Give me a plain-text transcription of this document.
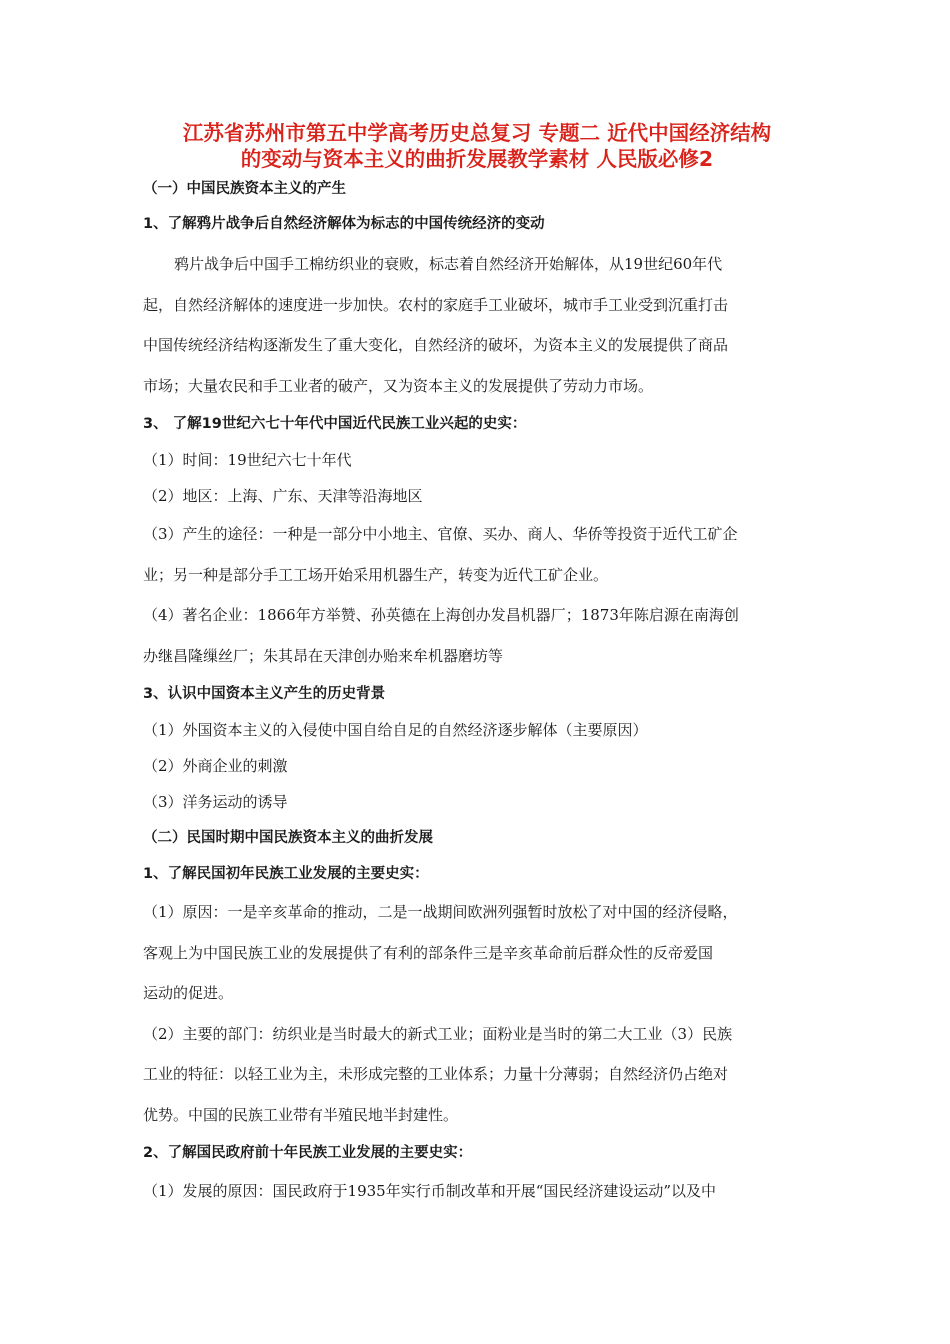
江苏省苏州市第五中学高考历史总复习 专题二 近代中国经济结构
的变动与资本主义的曲折发展教学素材 人民版必修2

（一）中国民族资本主义的产生

1、了解鸦片战争后自然经济解体为标志的中国传统经济的变动

鸦片战争后中国手工棉纺织业的衰败，标志着自然经济开始解体，从19世纪60年代
起，自然经济解体的速度进一步加快。农村的家庭手工业破坏，城市手工业受到沉重打击
中国传统经济结构逐渐发生了重大变化，自然经济的破坏，为资本主义的发展提供了商品
市场；大量农民和手工业者的破产，又为资本主义的发展提供了劳动力市场。

3、 了解19世纪六七十年代中国近代民族工业兴起的史实：

（1）时间：19世纪六七十年代

（2）地区：上海、广东、天津等沿海地区

（3）产生的途径：一种是一部分中小地主、官僚、买办、商人、华侨等投资于近代工矿企
业；另一种是部分手工工场开始采用机器生产，转变为近代工矿企业。
（4）著名企业：1866年方举赞、孙英德在上海创办发昌机器厂；1873年陈启源在南海创
办继昌隆缫丝厂；朱其昂在天津创办贻来牟机器磨坊等

3、认识中国资本主义产生的历史背景

（1）外国资本主义的入侵使中国自给自足的自然经济逐步解体（主要原因）

（2）外商企业的刺激

（3）洋务运动的诱导

（二）民国时期中国民族资本主义的曲折发展

1、了解民国初年民族工业发展的主要史实：

（1）原因：一是辛亥革命的推动，二是一战期间欧洲列强暂时放松了对中国的经济侵略，
客观上为中国民族工业的发展提供了有利的部条件三是辛亥革命前后群众性的反帝爱国
运动的促进。
（2）主要的部门：纺织业是当时最大的新式工业；面粉业是当时的第二大工业（3）民族
工业的特征：以轻工业为主，未形成完整的工业体系；力量十分薄弱；自然经济仍占绝对
优势。中国的民族工业带有半殖民地半封建性。

2、了解国民政府前十年民族工业发展的主要史实：

（1）发展的原因：国民政府于1935年实行币制改革和开展“国民经济建设运动”以及中
